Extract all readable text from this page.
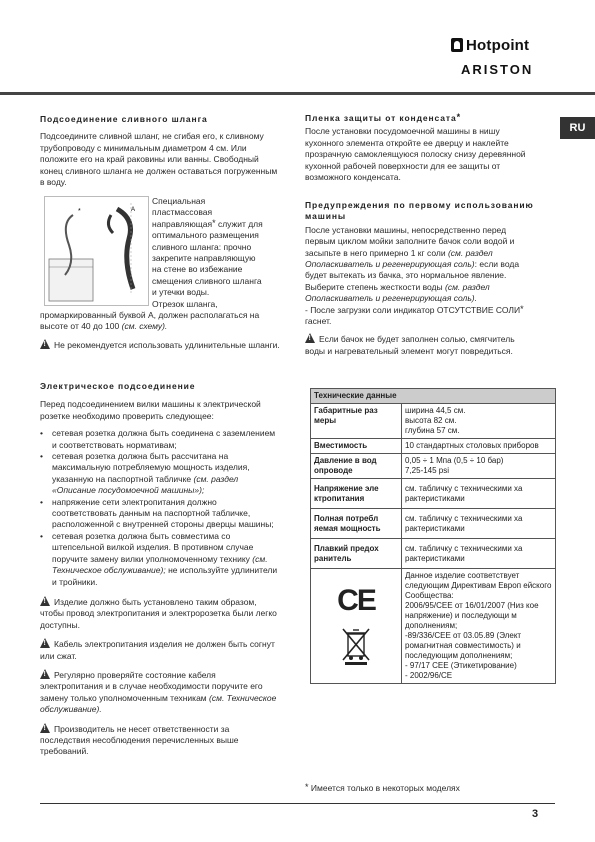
Hotpoint
ARISTON
RU
Подсоединение сливного шланга

Подсоедините сливной шланг, не сгибая его, к сливному трубопроводу с минимальным диаметром 4 см. Или положите его на край раковины или ванны. Свободный конец сливного шланга не должен оставаться погруженным в воду.

*	A
Специальная
пластмассовая
направляющая* служит для
оптимального размещения
сливного шланга: прочно
закрепите направляющую
на стене во избежание
смещения сливного шланга
и утечки воды.
Отрезок шланга,

промаркированный буквой А, должен располагаться на высоте от 40 до 100 (см. схему).

!Не рекомендуется использовать удлинительные шланги.

Электрическое подсоединение

Перед подсоединением вилки машины к электрической розетке необходимо проверить следующее:

• сетевая розетка должна быть соединена с заземлением и соответствовать нормативам;
• сетевая розетка должна быть рассчитана на максимальную потребляемую мощность изделия, указанную на паспортной табличке (см. раздел «Описание посудомоечной машины»);
• напряжение сети электропитания должно соответствовать данным на паспортной табличке, расположенной с внутренней стороны дверцы машины;
• сетевая розетка должна быть совместима со штепсельной вилкой изделия. В противном случае поручите замену вилки уполномоченному технику (см. Техническое обслуживание); не используйте удлинители и тройники.

!Изделие должно быть установлено таким образом, чтобы провод электропитания и электророзетка были легко доступны.

!Кабель электропитания изделия не должен быть согнут или сжат.

!Регулярно проверяйте состояние кабеля электропитания и в случае необходимости поручите его замену только уполномоченным техникам (см. Техническое обслуживание).

!Производитель не несет ответственности за последствия несоблюдения перечисленных выше требований.

Пленка защиты от конденсата*

После установки посудомоечной машины в нишу кухонного элемента откройте ее дверцу и наклейте прозрачную самоклеящуюся полоску снизу деревянной кухонной рабочей поверхности для ее защиты от возможного конденсата.

Предупреждения по первому использованию машины

После установки машины, непосредственно перед первым циклом мойки заполните бачок соли водой и засыпьте в него примерно 1 кг соли (см. раздел Ополаскиватель и регенерирующая соль): если вода будет вытекать из бачка, это нормальное явление. Выберите степень жесткости воды (см. раздел Ополаскиватель и регенерирующая соль).

- После загрузки соли индикатор ОТСУТСТВИЕ СОЛИ* гаснет.

!Если бачок не будет заполнен солью, смягчитель воды и нагревательный элемент могут повредиться.

Технические данные	
Габаритные раз меры	ширина 44,5 см.
высота 82 см.
глубина 57 см.
Вместимость	10 стандартных столовых приборов
Давление в вод опроводе	0,05 ÷ 1 Мпа (0,5 ÷ 10 бар)
7,25-145 psi
Напряжение эле ктропитания	см. табличку с техническими ха рактеристиками
Полная потребл яемая мощность	см. табличку с техническими ха рактеристиками
Плавкий предох ранитель	см. табличку с техническими ха рактеристиками

CE	Данное изделие соответствует следующим Директивам Европ ейского Сообщества:
2006/95/CEE от 16/01/2007 (Низ кое напряжение) и последующи м дополнениям;
-89/336/CEE от 03.05.89 (Элект ромагнитная совместимость) и последующим дополнениям;
- 97/17 CEE (Этикетирование)
- 2002/96/CE
* Имеется только в некоторых моделях
3
